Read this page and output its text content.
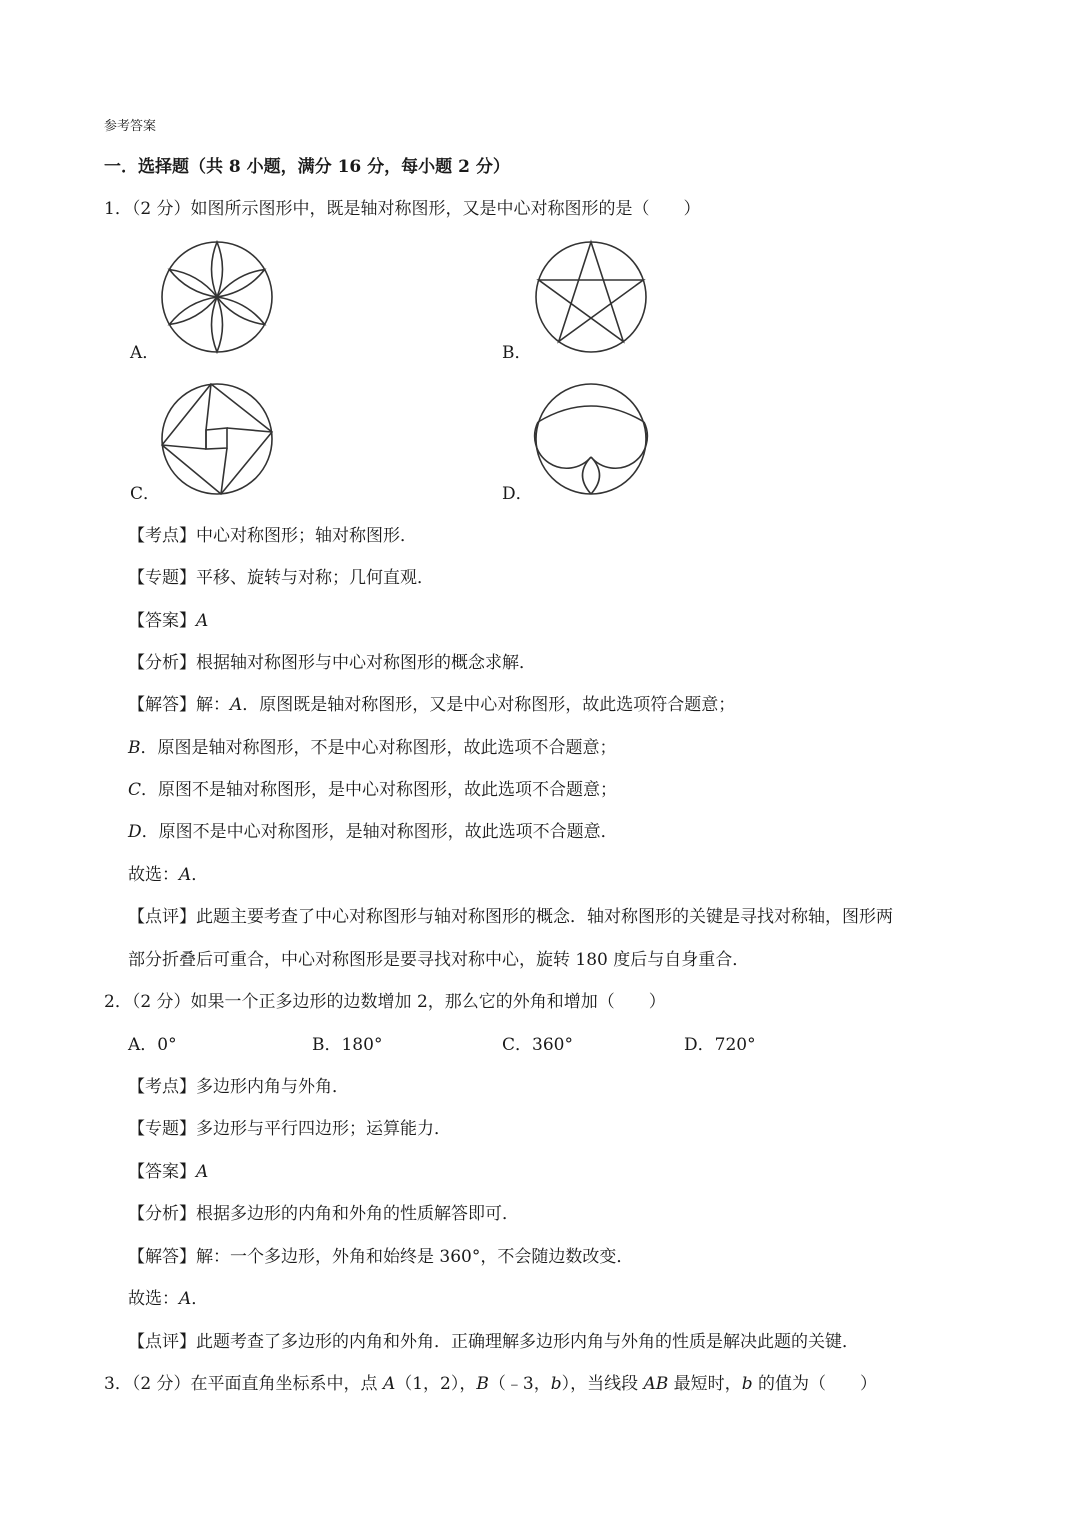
参考答案
一．选择题（共 8 小题，满分 16 分，每小题 2 分）
1．（2 分）如图所示图形中，既是轴对称图形，又是中心对称图形的是（　　）
A．	B．
C．	D．
【考点】中心对称图形；轴对称图形．
【专题】平移、旋转与对称；几何直观．
【答案】A
【分析】根据轴对称图形与中心对称图形的概念求解．
【解答】解：A．原图既是轴对称图形，又是中心对称图形，故此选项符合题意；
B．原图是轴对称图形，不是中心对称图形，故此选项不合题意；
C．原图不是轴对称图形，是中心对称图形，故此选项不合题意；
D．原图不是中心对称图形，是轴对称图形，故此选项不合题意．
故选：A．
【点评】此题主要考查了中心对称图形与轴对称图形的概念．轴对称图形的关键是寻找对称轴，图形两
部分折叠后可重合，中心对称图形是要寻找对称中心，旋转 180 度后与自身重合．
2．（2 分）如果一个正多边形的边数增加 2，那么它的外角和增加（　　）
A．0°	B．180°	C．360°	D．720°
【考点】多边形内角与外角．
【专题】多边形与平行四边形；运算能力．
【答案】A
【分析】根据多边形的内角和外角的性质解答即可．
【解答】解：一个多边形，外角和始终是 360°，不会随边数改变．
故选：A．
【点评】此题考查了多边形的内角和外角．正确理解多边形内角与外角的性质是解决此题的关键．
3．（2 分）在平面直角坐标系中，点 A（1，2），B（﹣3，b），当线段 AB 最短时，b 的值为（　　）
